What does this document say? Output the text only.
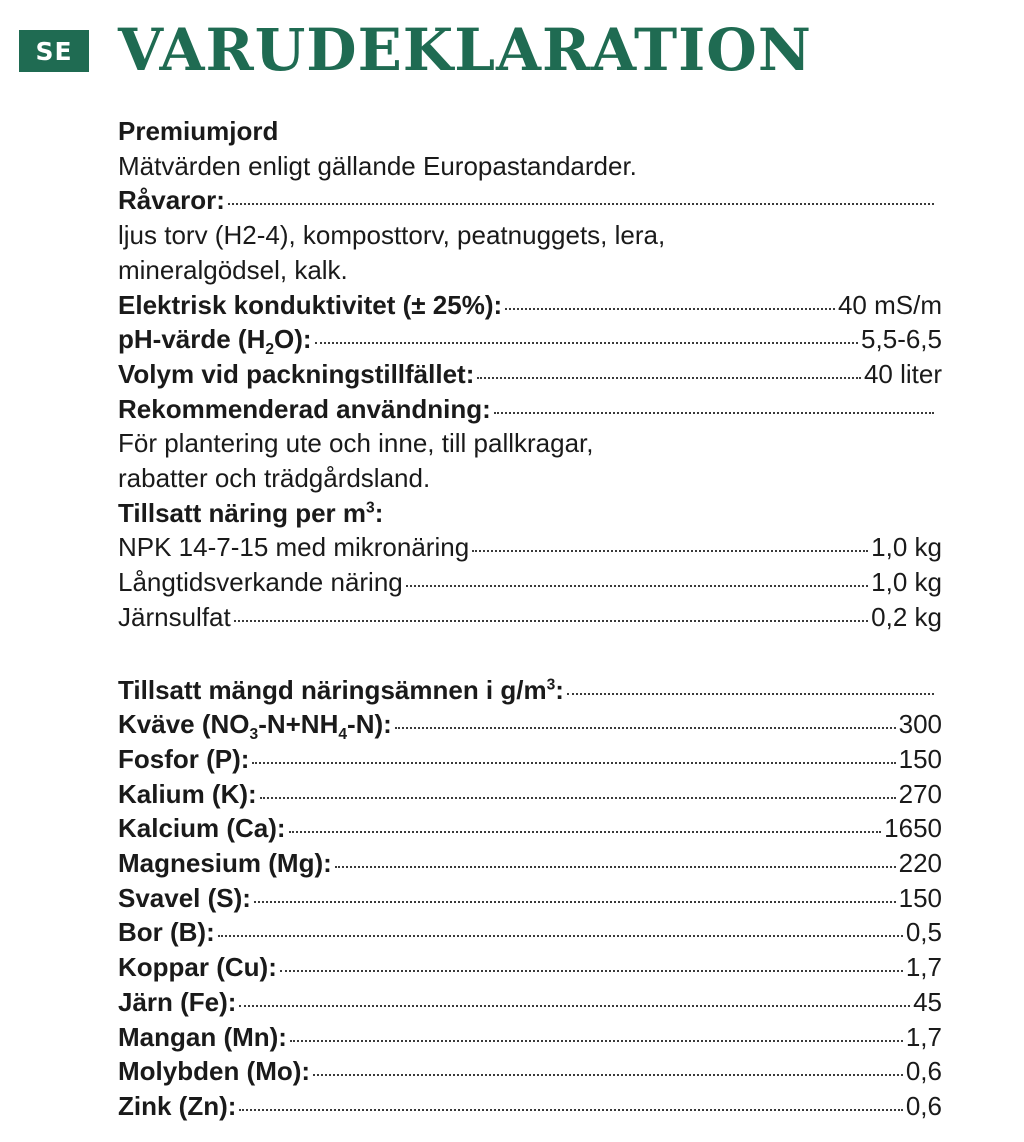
SE VARUDEKLARATION
Premiumjord
Mätvärden enligt gällande Europastandarder.
Råvaror:
ljus torv (H2-4), komposttorv, peatnuggets, lera,
mineralgödsel, kalk.
Elektrisk konduktivitet (± 25%):	40 mS/m
pH-värde $(H_2O)$:	5,5-6,5
Volym vid packningstillfället:	40 liter
Rekommenderad användning:
För plantering ute och inne, till pallkragar,
rabatter och trädgårdsland.
Tillsatt näring per $m^3$:
NPK 14-7-15 med mikronäring	1,0 kg
Långtidsverkande näring	1,0 kg
Järnsulfat	0,2 kg
Tillsatt mängd näringsämnen i $g/m^3$:
Kväve $(NO_3-N+NH_4-N)$:	300
Fosfor (P):	150
Kalium (K):	270
Kalcium (Ca):	1650
Magnesium (Mg):	220
Svavel (S):	150
Bor (B):	0,5
Koppar (Cu):	1,7
Järn (Fe):	45
Mangan (Mn):	1,7
Molybden (Mo):	0,6
Zink (Zn):	0,6
